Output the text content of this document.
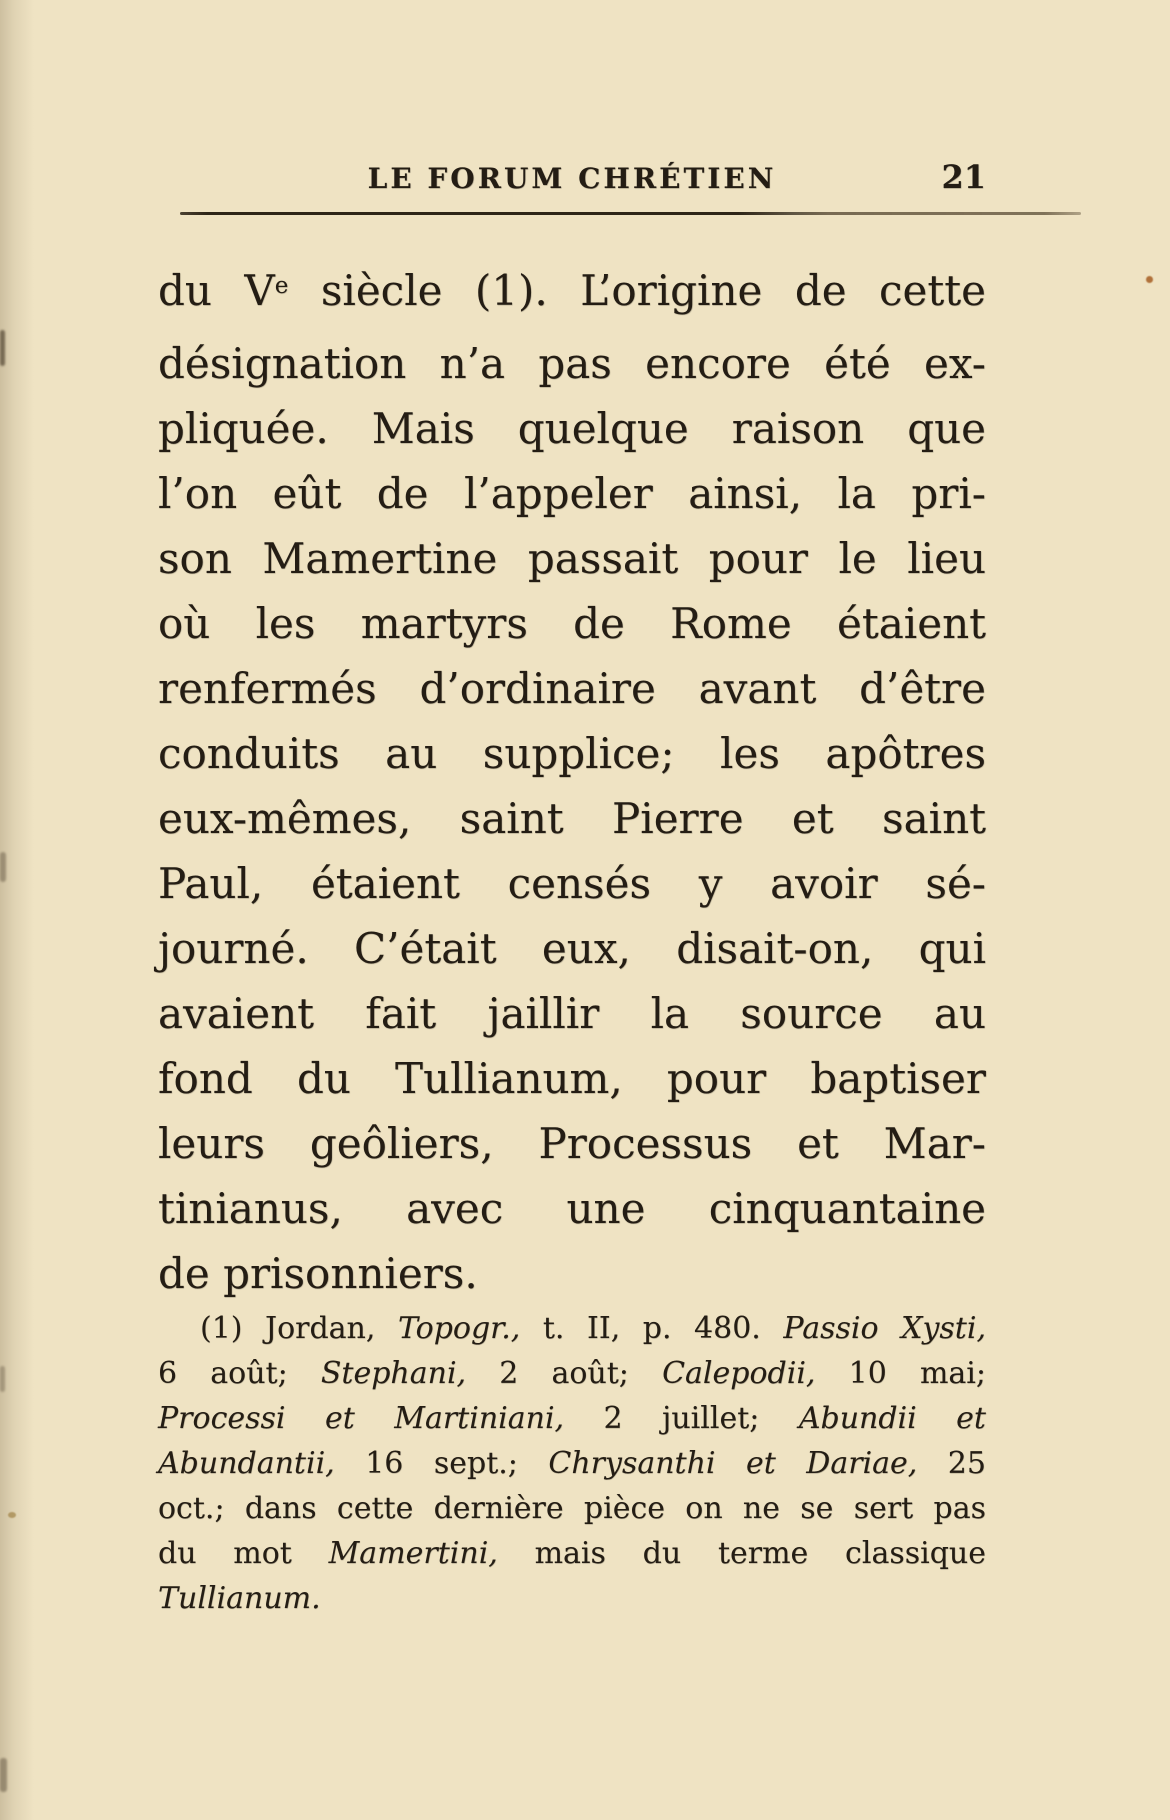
LE FORUM CHRÉTIEN	21
du Ve siècle (1). L’origine de cette
désignation n’a pas encore été ex-
pliquée. Mais quelque raison que
l’on eût de l’appeler ainsi, la pri-
son Mamertine passait pour le lieu
où les martyrs de Rome étaient
renfermés d’ordinaire avant d’être
conduits au supplice; les apôtres
eux-mêmes, saint Pierre et saint
Paul, étaient censés y avoir sé-
journé. C’était eux, disait-on, qui
avaient fait jaillir la source au
fond du Tullianum, pour baptiser
leurs geôliers, Processus et Mar-
tinianus, avec une cinquantaine
de prisonniers.
(1) Jordan, Topogr., t. II, p. 480. Passio Xysti,
6 août; Stephani, 2 août; Calepodii, 10 mai;
Processi et Martiniani, 2 juillet; Abundii et
Abundantii, 16 sept.; Chrysanthi et Dariae, 25
oct.; dans cette dernière pièce on ne se sert pas
du mot Mamertini, mais du terme classique
Tullianum.
